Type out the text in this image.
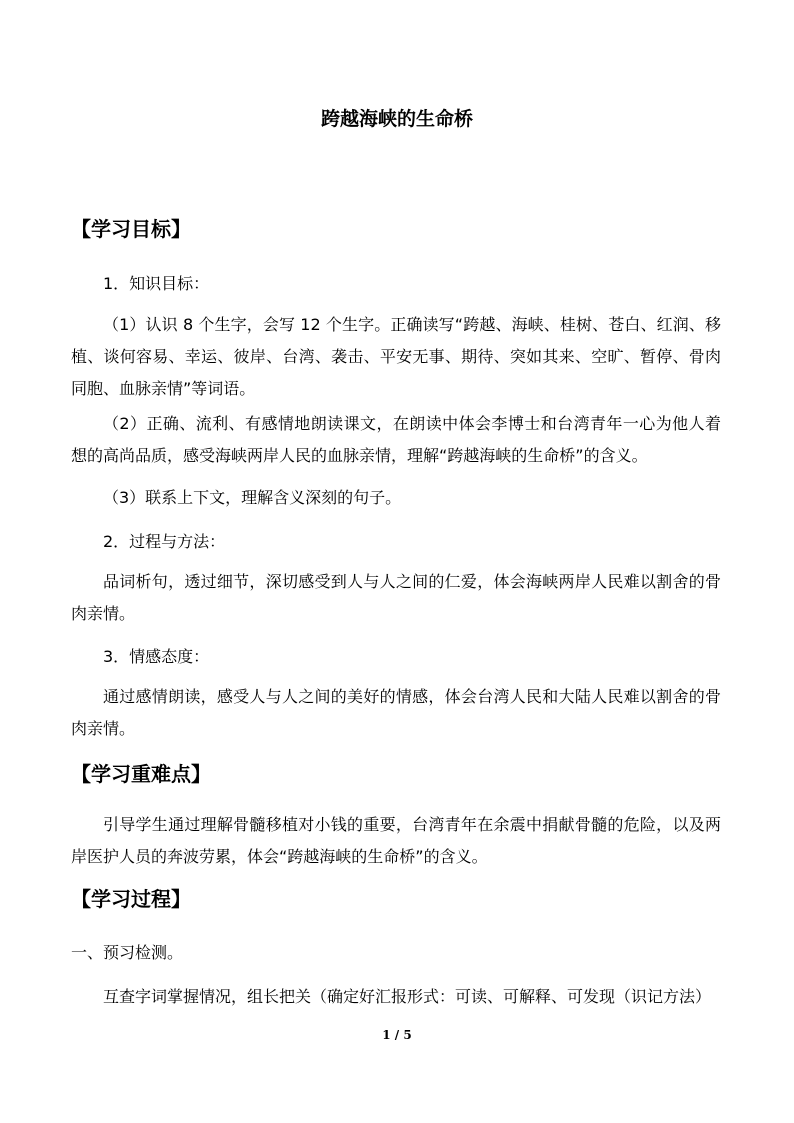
跨越海峡的生命桥
【学习目标】
1．知识目标：
（1）认识 8 个生字，会写 12 个生字。正确读写“跨越、海峡、桂树、苍白、红润、移植、谈何容易、幸运、彼岸、台湾、袭击、平安无事、期待、突如其来、空旷、暂停、骨肉同胞、血脉亲情”等词语。
（2）正确、流利、有感情地朗读课文，在朗读中体会李博士和台湾青年一心为他人着想的高尚品质，感受海峡两岸人民的血脉亲情，理解“跨越海峡的生命桥”的含义。
（3）联系上下文，理解含义深刻的句子。
2．过程与方法：
品词析句，透过细节，深切感受到人与人之间的仁爱，体会海峡两岸人民难以割舍的骨肉亲情。
3．情感态度：
通过感情朗读，感受人与人之间的美好的情感，体会台湾人民和大陆人民难以割舍的骨肉亲情。
【学习重难点】
引导学生通过理解骨髓移植对小钱的重要，台湾青年在余震中捐献骨髓的危险，以及两岸医护人员的奔波劳累，体会“跨越海峡的生命桥”的含义。
【学习过程】
一、预习检测。
互查字词掌握情况，组长把关（确定好汇报形式：可读、可解释、可发现（识记方法）
1 / 5
